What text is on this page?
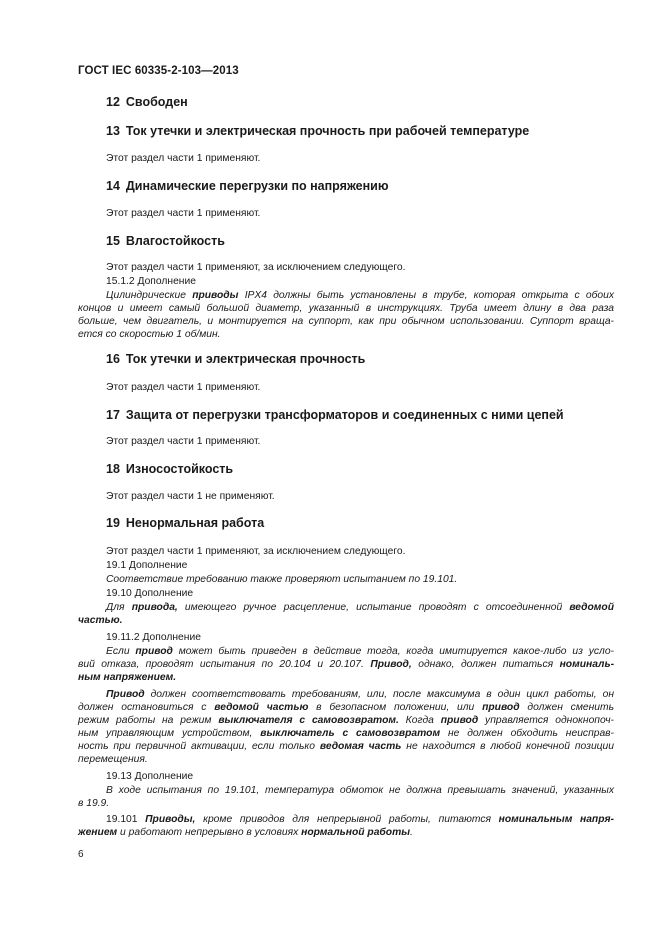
ГОСТ IEC 60335-2-103—2013
12 Свободен
13 Ток утечки и электрическая прочность при рабочей температуре
Этот раздел части 1 применяют.
14 Динамические перегрузки по напряжению
Этот раздел части 1 применяют.
15 Влагостойкость
Этот раздел части 1 применяют, за исключением следующего.
15.1.2 Дополнение
Цилиндрические приводы IPX4 должны быть установлены в трубе, которая открыта с обоих
концов и имеет самый большой диаметр, указанный в инструкциях. Труба имеет длину в два раза
больше, чем двигатель, и монтируется на суппорт, как при обычном использовании. Суппорт враща-
ется со скоростью 1 об/мин.
16 Ток утечки и электрическая прочность
Этот раздел части 1 применяют.
17 Защита от перегрузки трансформаторов и соединенных с ними цепей
Этот раздел части 1 применяют.
18 Износостойкость
Этот раздел части 1 не применяют.
19 Ненормальная работа
Этот раздел части 1 применяют, за исключением следующего.
19.1 Дополнение
Соответствие требованию также проверяют испытанием по 19.101.
19.10 Дополнение
Для привода, имеющего ручное расцепление, испытание проводят с отсоединенной ведомой
частью.
19.11.2 Дополнение
Если привод может быть приведен в действие тогда, когда имитируется какое-либо из усло-
вий отказа, проводят испытания по 20.104 и 20.107. Привод, однако, должен питаться номиналь-
ным напряжением.
Привод должен соответствовать требованиям, или, после максимума в один цикл работы, он
должен остановиться с ведомой частью в безопасном положении, или привод должен сменить
режим работы на режим выключателя с самовозвратом. Когда привод управляется однокнопоч-
ным управляющим устройством, выключатель с самовозвратом не должен обходить неиспрaв-
ность при первичной активации, если только ведомая часть не находится в любой конечной позиции
перемещения.
19.13 Дополнение
В ходе испытания по 19.101, температура обмоток не должна превышать значений, указанных
в 19.9.
19.101 Приводы, кроме приводов для непрерывной работы, питаются номинальным напря-
жением и работают непрерывно в условиях нормальной работы.
6
